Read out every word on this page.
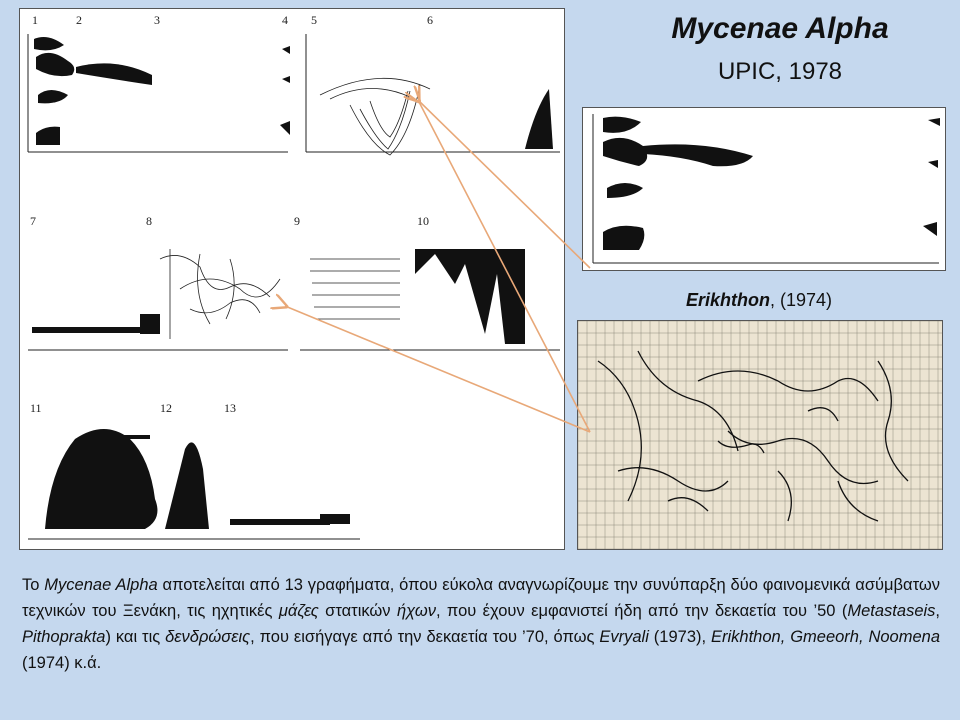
Mycenae Alpha
UPIC, 1978
1	2	3	4 5	6
7	8	9	10
11	12	13
Erikhthon, (1974)
Το Mycenae Alpha αποτελείται από 13 γραφήματα, όπου εύκολα αναγνωρίζουμε την συνύπαρξη δύο φαινομενικά ασύμβατων τεχνικών του Ξενάκη, τις ηχητικές μάζες στατικών ήχων, που έχουν εμφανιστεί ήδη από την δεκαετία του ’50 (Metastaseis, Pithoprakta) και τις δενδρώσεις, που εισήγαγε από την δεκαετία του ’70, όπως Evryali (1973), Erikhthon, Gmeeorh, Noomena (1974) κ.ά.
